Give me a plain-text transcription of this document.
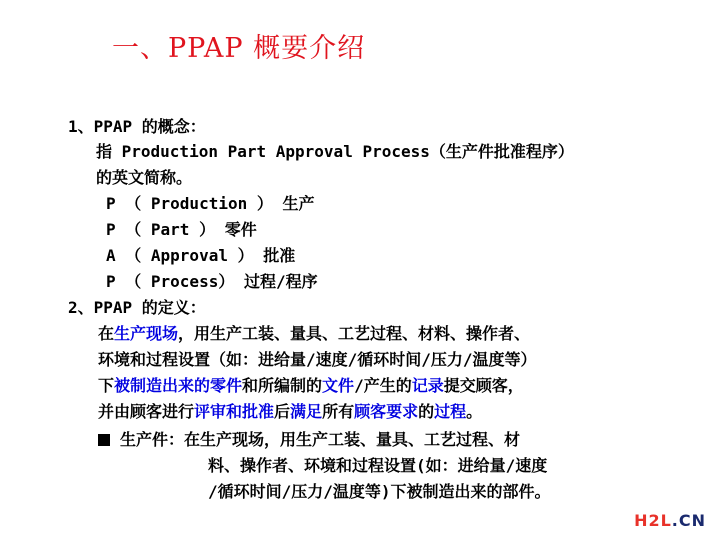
一、PPAP 概要介绍
1、PPAP 的概念：
指 Production Part Approval Process（生产件批准程序）
的英文简称。
P （ Production ） 生产
P （ Part ） 零件
A （ Approval ） 批准
P （ Process） 过程/程序
2、PPAP 的定义：
在生产现场，用生产工装、量具、工艺过程、材料、操作者、
环境和过程设置（如：进给量/速度/循环时间/压力/温度等）
下被制造出来的零件和所编制的文件/产生的记录提交顾客，
并由顾客进行评审和批准后满足所有顾客要求的过程。
生产件：在生产现场，用生产工装、量具、工艺过程、材
料、操作者、环境和过程设置(如：进给量/速度
/循环时间/压力/温度等)下被制造出来的部件。
H2L.CN
